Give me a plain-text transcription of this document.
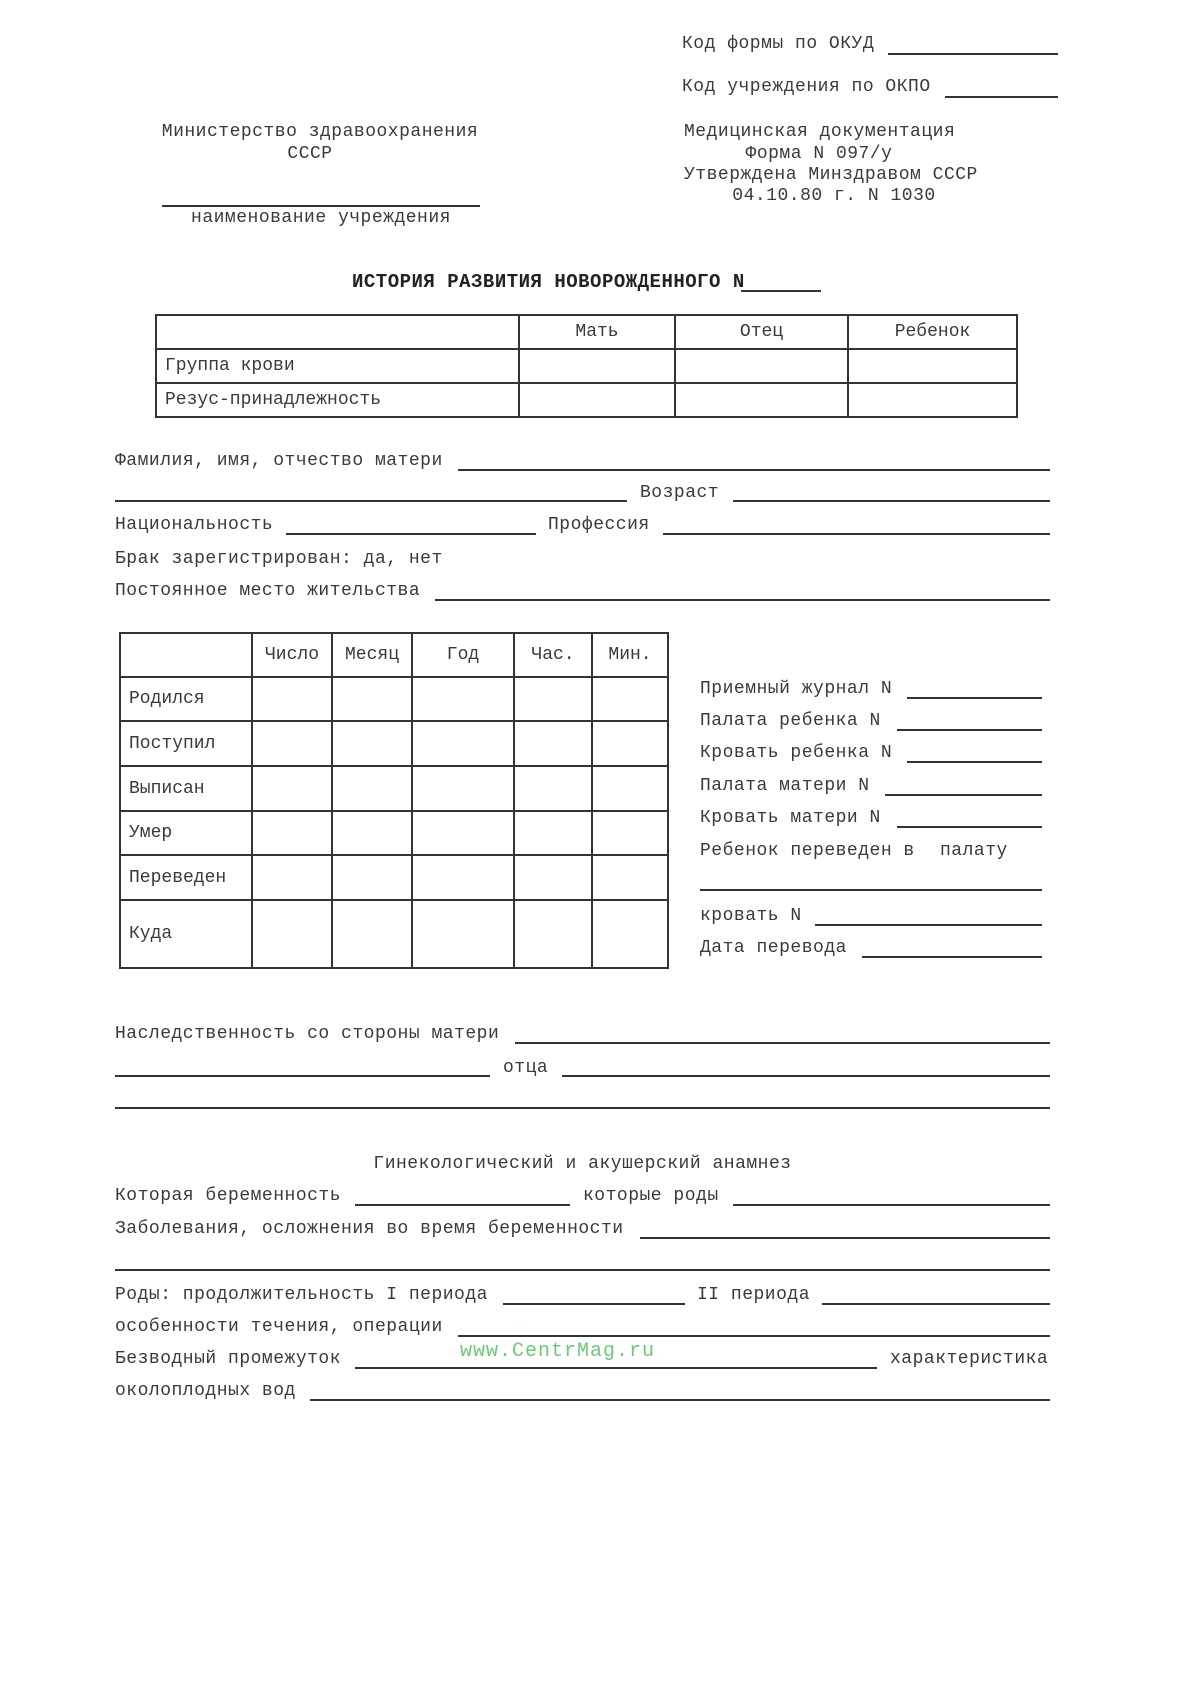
Код формы по ОКУД
Код учреждения по ОКПО
Министерство здравоохранения
СССР
наименование учреждения
Медицинская документация
Форма N 097/у
Утверждена Минздравом СССР
04.10.80 г. N 1030
ИСТОРИЯ РАЗВИТИЯ НОВОРОЖДЕННОГО N
	Мать	Отец	Ребенок
Группа крови			
Резус-принадлежность			
Фамилия, имя, отчество матери
Возраст
Национальность	Профессия
Брак зарегистрирован: да, нет
Постоянное место жительства
	Число	Месяц	Год	Час.	Мин.
Родился					
Поступил					
Выписан					
Умер					
Переведен					
Куда					
Приемный журнал N
Палата ребенка N
Кровать ребенка N
Палата матери N
Кровать матери N
Ребенок переведен в палату
кровать N
Дата перевода
Наследственность со стороны матери
отца
Гинекологический и акушерский анамнез
Которая беременность	которые роды
Заболевания, осложнения во время беременности
Роды: продолжительность I периода	II периода
особенности течения, операции
Безводный промежуток	характеристика
околоплодных вод
www.CentrMag.ru
